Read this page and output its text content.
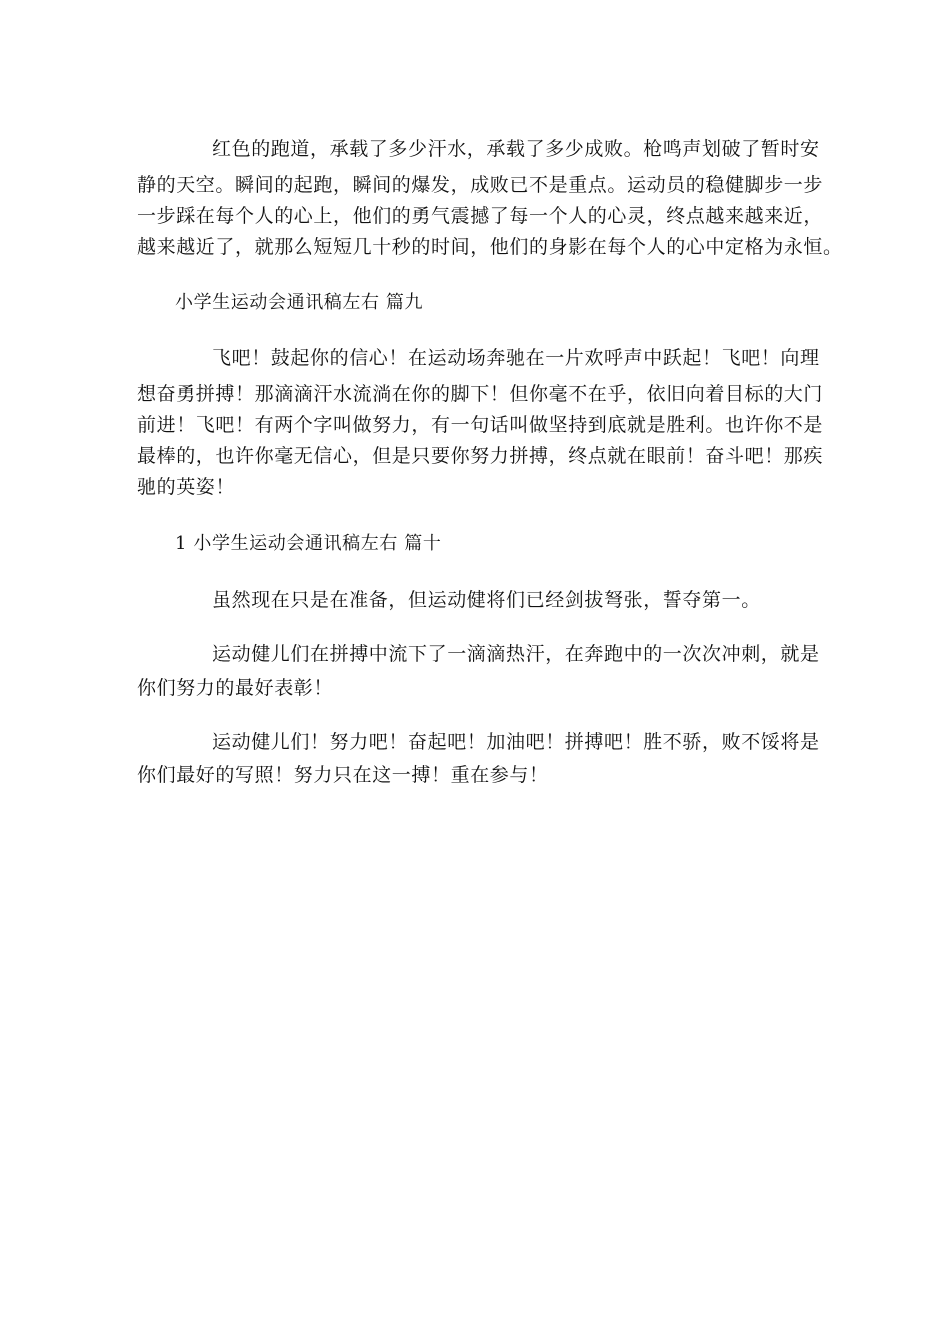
红色的跑道，承载了多少汗水，承载了多少成败。枪鸣声划破了暂时安

静的天空。瞬间的起跑，瞬间的爆发，成败已不是重点。运动员的稳健脚步一步

一步踩在每个人的心上，他们的勇气震撼了每一个人的心灵，终点越来越来近，

越来越近了，就那么短短几十秒的时间，他们的身影在每个人的心中定格为永恒。

小学生运动会通讯稿左右 篇九

飞吧！鼓起你的信心！在运动场奔驰在一片欢呼声中跃起！飞吧！向理

想奋勇拼搏！那滴滴汗水流淌在你的脚下！但你毫不在乎，依旧向着目标的大门

前进！飞吧！有两个字叫做努力，有一句话叫做坚持到底就是胜利。也许你不是

最棒的，也许你毫无信心，但是只要你努力拼搏，终点就在眼前！奋斗吧！那疾

驰的英姿！

1 小学生运动会通讯稿左右 篇十

虽然现在只是在准备，但运动健将们已经剑拔弩张，誓夺第一。

运动健儿们在拼搏中流下了一滴滴热汗，在奔跑中的一次次冲刺，就是

你们努力的最好表彰！

运动健儿们！努力吧！奋起吧！加油吧！拼搏吧！胜不骄，败不馁将是

你们最好的写照！努力只在这一搏！重在参与！
